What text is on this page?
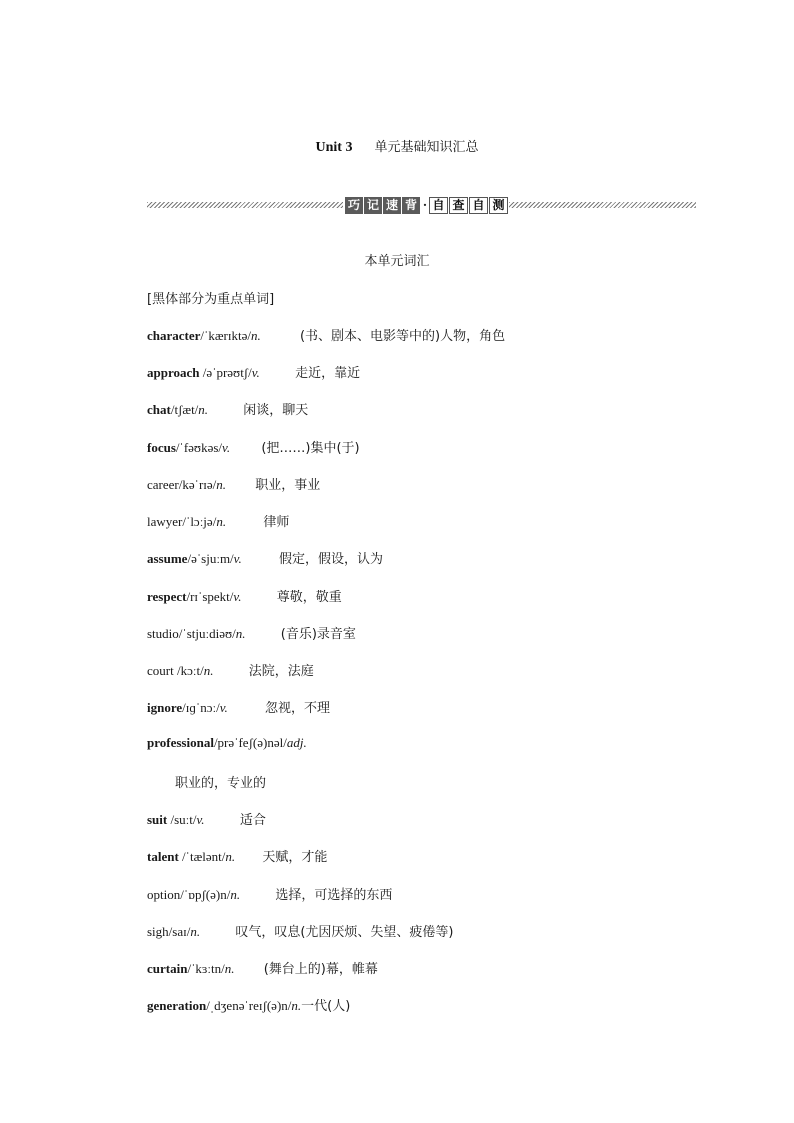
Unit 3 单元基础知识汇总
巧 记 速 背 · 自 查 自 测
本单元词汇
[黑体部分为重点单词]
character/ˈkærɪktə/n.	(书、剧本、电影等中的)人物，角色
approach /əˈprəʊtʃ/v.	走近，靠近
chat/tʃæt/n.	闲谈，聊天
focus/ˈfəʊkəs/v. (把……)集中(于)
career/kəˈrɪə/n. 职业，事业
lawyer/ˈlɔːjə/n.	律师
assume/əˈsjuːm/v.	假定，假设，认为
respect/rɪˈspekt/v.	尊敬，敬重
studio/ˈstjuːdiəʊ/n.	(音乐)录音室
court /kɔːt/n.	法院，法庭
ignore/ɪɡˈnɔː/v.	忽视，不理
professional/prəˈfeʃ(ə)nəl/adj.
职业的，专业的
suit /suːt/v.	适合
talent /ˈtælənt/n. 天赋，才能
option/ˈɒpʃ(ə)n/n.	选择，可选择的东西
sigh/saɪ/n.	叹气，叹息(尤因厌烦、失望、疲倦等)
curtain/ˈkɜːtn/n. (舞台上的)幕，帷幕
generation/ˌdʒenəˈreɪʃ(ə)n/n.一代(人)
